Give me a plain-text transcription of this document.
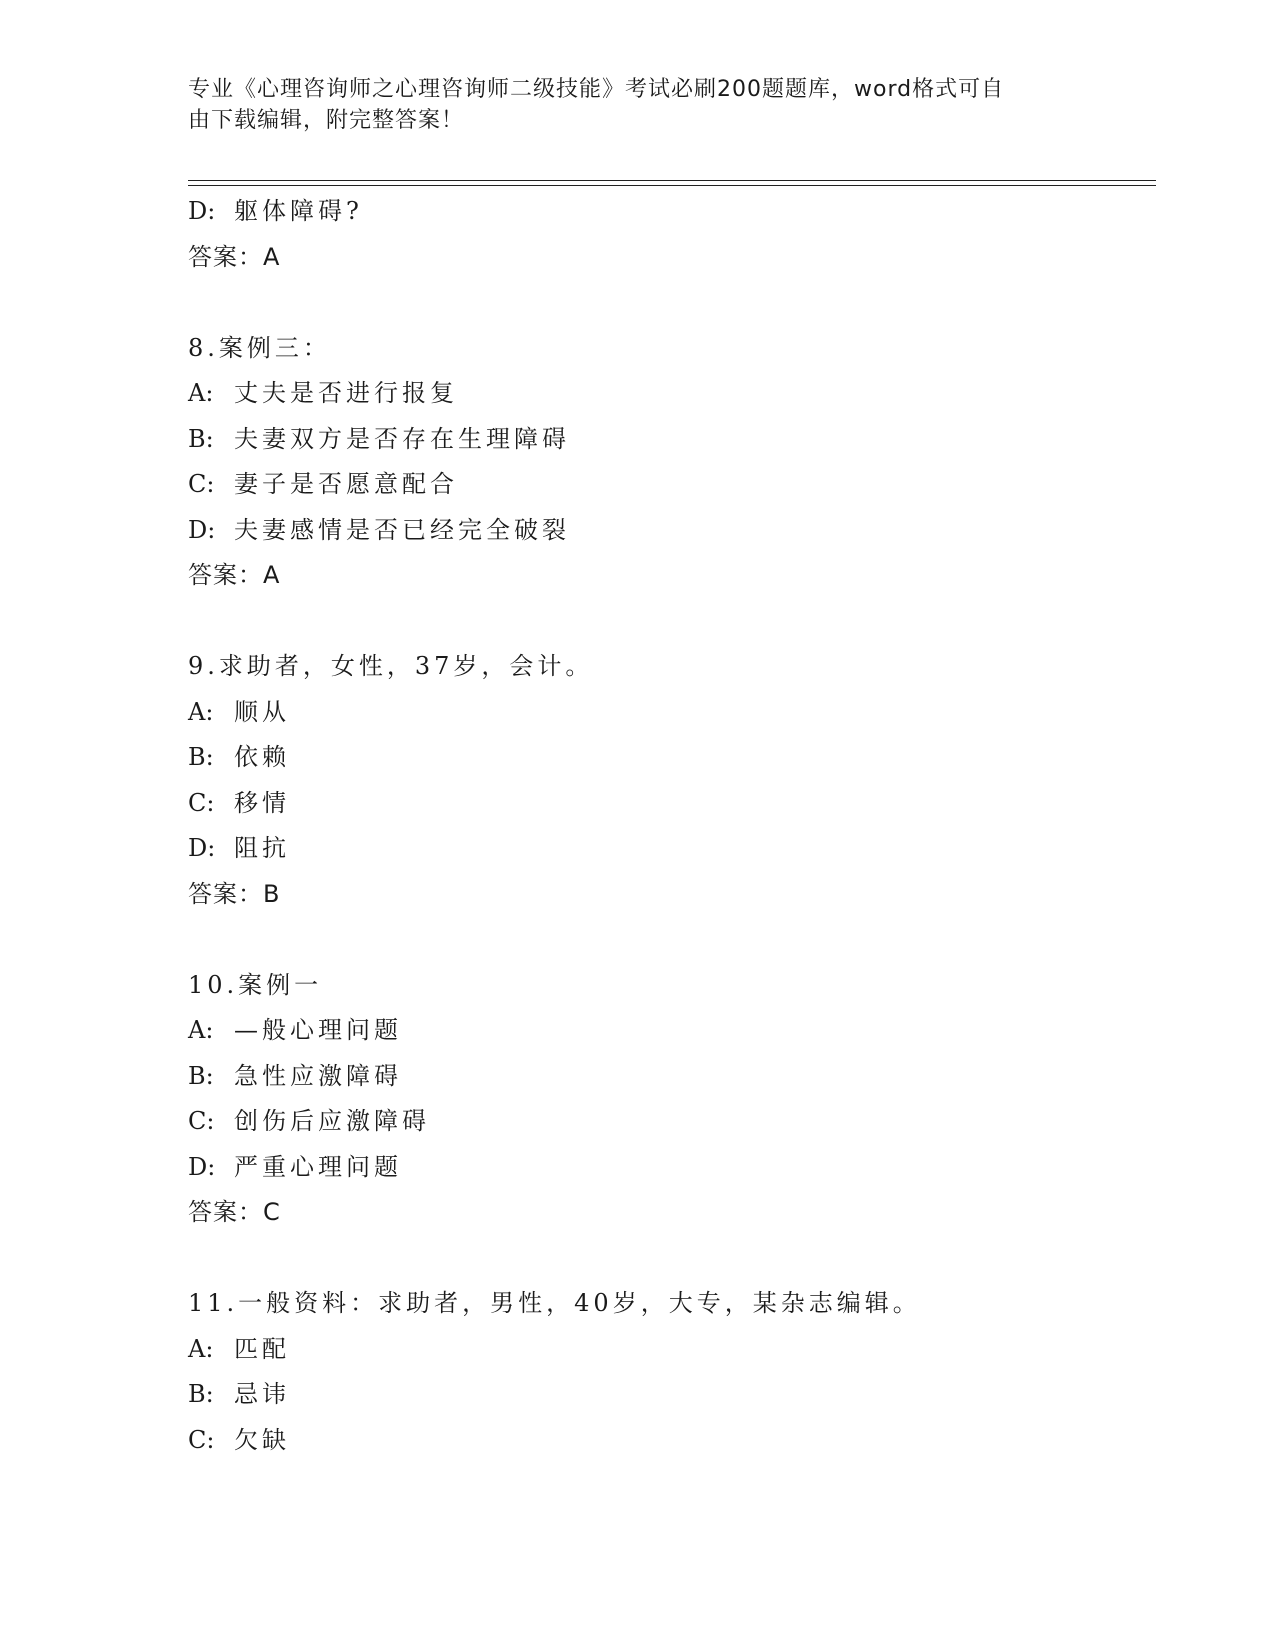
专业《心理咨询师之心理咨询师二级技能》考试必刷200题题库，word格式可自
由下载编辑，附完整答案！
D: 躯体障碍?
答案：A
8.案例三：
A: 丈夫是否进行报复
B: 夫妻双方是否存在生理障碍
C: 妻子是否愿意配合
D: 夫妻感情是否已经完全破裂
答案：A
9.求助者，女性，37岁，会计。
A: 顺从
B: 依赖
C: 移情
D: 阻抗
答案：B
10.案例一
A: —般心理问题
B: 急性应激障碍
C: 创伤后应激障碍
D: 严重心理问题
答案：C
11.一般资料：求助者，男性，40岁，大专，某杂志编辑。
A: 匹配
B: 忌讳
C: 欠缺
